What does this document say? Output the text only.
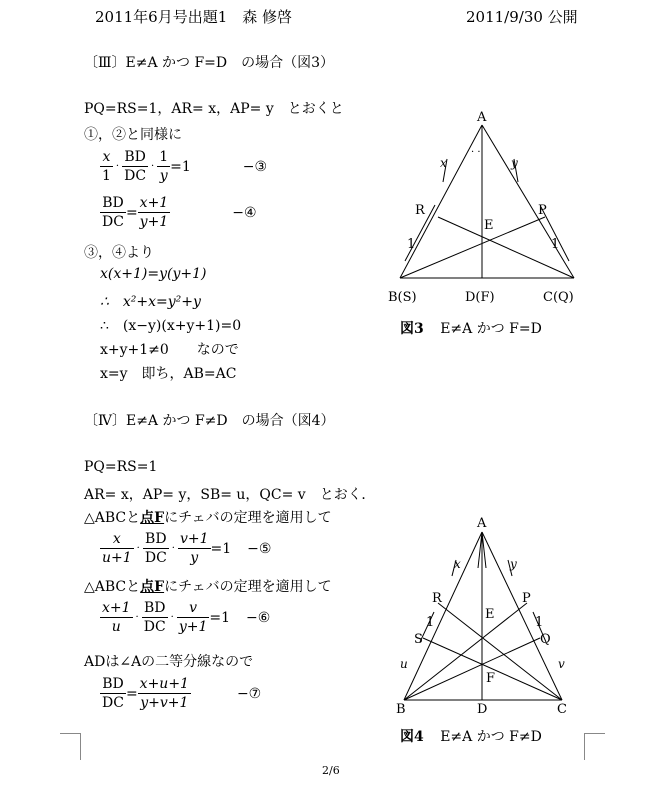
2011年6月号出題1　森 修啓	2011/9/30 公開
〔Ⅲ〕E≠A かつ F=D　の場合（図3）
PQ=RS=1，AR= x，AP= y　とおくと
①，②と同様に
$\frac{x}{1} \cdot \frac{BD}{DC} \cdot \frac{1}{y} =1$	−③
$\frac{BD}{DC} = \frac{x+1}{y+1}$	−④
③，④より
x(x+1)=y(y+1)
∴　x²+x=y²+y
∴　(x−y)(x+y+1)=0
x+y+1≠0　　なので
x=y　即ち，AB=AC
A
· ·
x	y
R	P
E
1	1
B(S)	D(F)	C(Q)
図3 E≠A かつ F=D
〔Ⅳ〕E≠A かつ F≠D　の場合（図4）
PQ=RS=1
AR= x，AP= y，SB= u，QC= v　とおく．
△ABCと点Fにチェバの定理を適用して
$\frac{x}{u+1} \cdot \frac{BD}{DC} \cdot \frac{v+1}{y} =1$ −⑤
△ABCと点Fにチェバの定理を適用して
$\frac{x+1}{u} \cdot \frac{BD}{DC} \cdot \frac{v}{y+1} =1$ −⑥
ADは∠Aの二等分線なので
$\frac{BD}{DC} = \frac{x+u+1}{y+v+1}$	−⑦
A
x	y
R	P
E
1	1
S	Q
u	v
F
B	D	C
図4 E≠A かつ F≠D
2/6
